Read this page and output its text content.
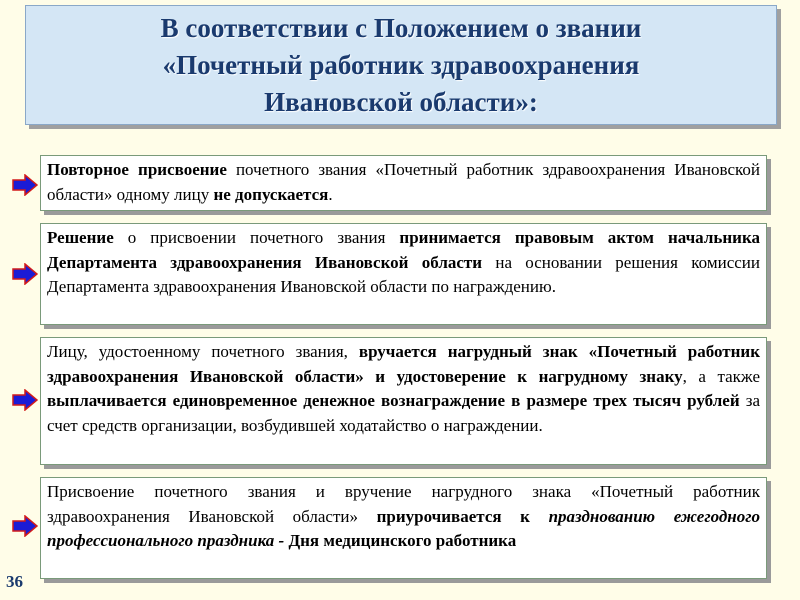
В соответствии с Положением о звании
«Почетный работник здравоохранения
Ивановской области»:

Повторное присвоение почетного звания «Почетный работник здравоохранения Ивановской области» одному лицу не допускается.

Решение о присвоении почетного звания принимается правовым актом начальника Департамента здравоохранения Ивановской области на основании решения комиссии Департамента здравоохранения Ивановской области по награждению.

Лицу, удостоенному почетного звания, вручается нагрудный знак «Почетный работник здравоохранения Ивановской области» и удостоверение к нагрудному знаку, а также выплачивается единовременное денежное вознаграждение в размере трех тысяч рублей за счет средств организации, возбудившей ходатайство о награждении.

Присвоение почетного звания и вручение нагрудного знака «Почетный работник здравоохранения Ивановской области» приурочивается к празднованию ежегодного профессионального праздника - Дня медицинского работника

36
